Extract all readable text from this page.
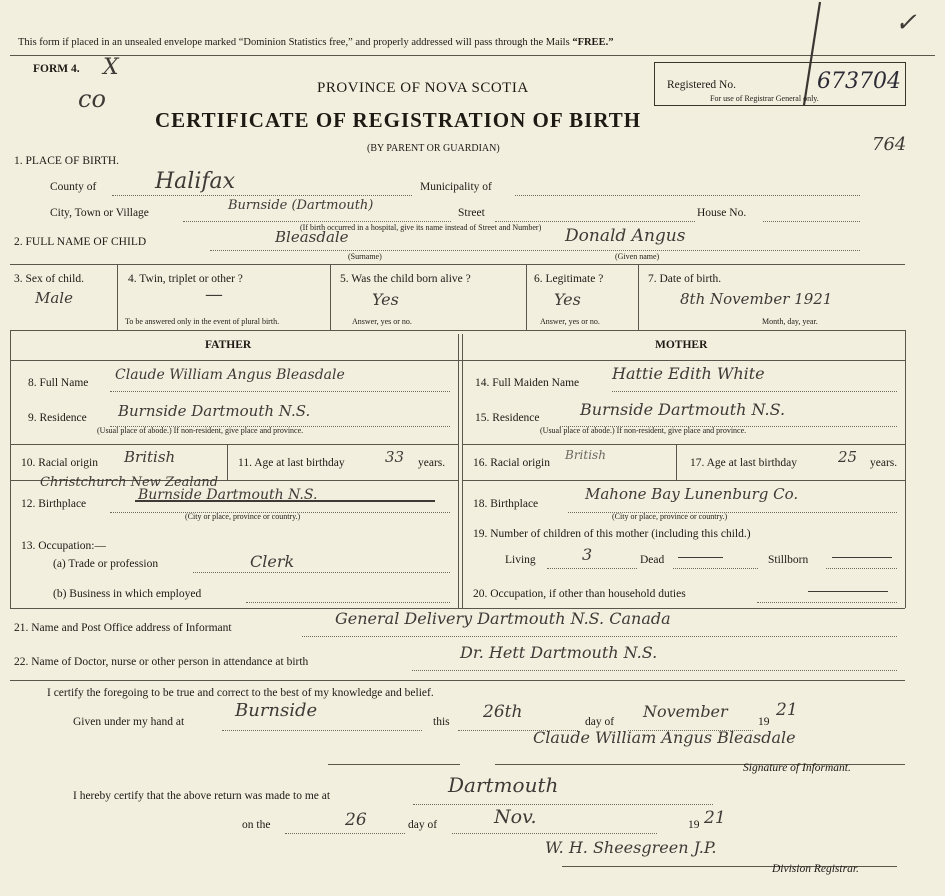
This form if placed in an unsealed envelope marked “Dominion Statistics free,” and properly addressed will pass through the Mails “FREE.”
✓
FORM 4. X
co	PROVINCE OF NOVA SCOTIA
CERTIFICATE OF REGISTRATION OF BIRTH
(BY PARENT OR GUARDIAN)
Registered No.	673704
For use of Registrar General only.
764
1. PLACE OF BIRTH.
County of	Halifax	Municipality of
City, Town or Village	Burnside (Dartmouth)	Street	House No.
(If birth occurred in a hospital, give its name instead of Street and Number)
2. FULL NAME OF CHILD	Bleasdale	Donald Angus
(Surname)	(Given name)
3. Sex of child.
Male
4. Twin, triplet or other ?
—
To be answered only in the event of plural birth.
5. Was the child born alive ?
Yes
Answer, yes or no.
6. Legitimate ?
Yes
Answer, yes or no.
7. Date of birth.
8th November 1921
Month, day, year.
FATHER	MOTHER
8. Full Name Claude William Angus Bleasdale
9. Residence Burnside Dartmouth N.S.
(Usual place of abode.) If non-resident, give place and province.
10. Racial origin British	11. Age at last birthday	33 years.
Christchurch New Zealand
12. Birthplace
Burnside Dartmouth N.S.
(City or place, province or country.)
13. Occupation:—
(a) Trade or profession	Clerk
(b) Business in which employed
14. Full Maiden Name Hattie Edith White
15. Residence	Burnside Dartmouth N.S.
(Usual place of abode.) If non-resident, give place and province.
16. Racial origin
British
17. Age at last birthday	25 years.
18. Birthplace
Mahone Bay Lunenburg Co.
(City or place, province or country.)
19. Number of children of this mother (including this child.)
Living	3	Dead	Stillborn
20. Occupation, if other than household duties
21. Name and Post Office address of Informant	General Delivery Dartmouth N.S. Canada
22. Name of Doctor, nurse or other person in attendance at birth	Dr. Hett Dartmouth N.S.
I certify the foregoing to be true and correct to the best of my knowledge and belief.
Given under my hand at
Burnside
this 26th	day of
November
19
21
Claude William Angus Bleasdale
Signature of Informant.
I hereby certify that the above return was made to me at	Dartmouth
on the	26	day of	Nov.	19 21
W. H. Sheesgreen J.P.
Division Registrar.
